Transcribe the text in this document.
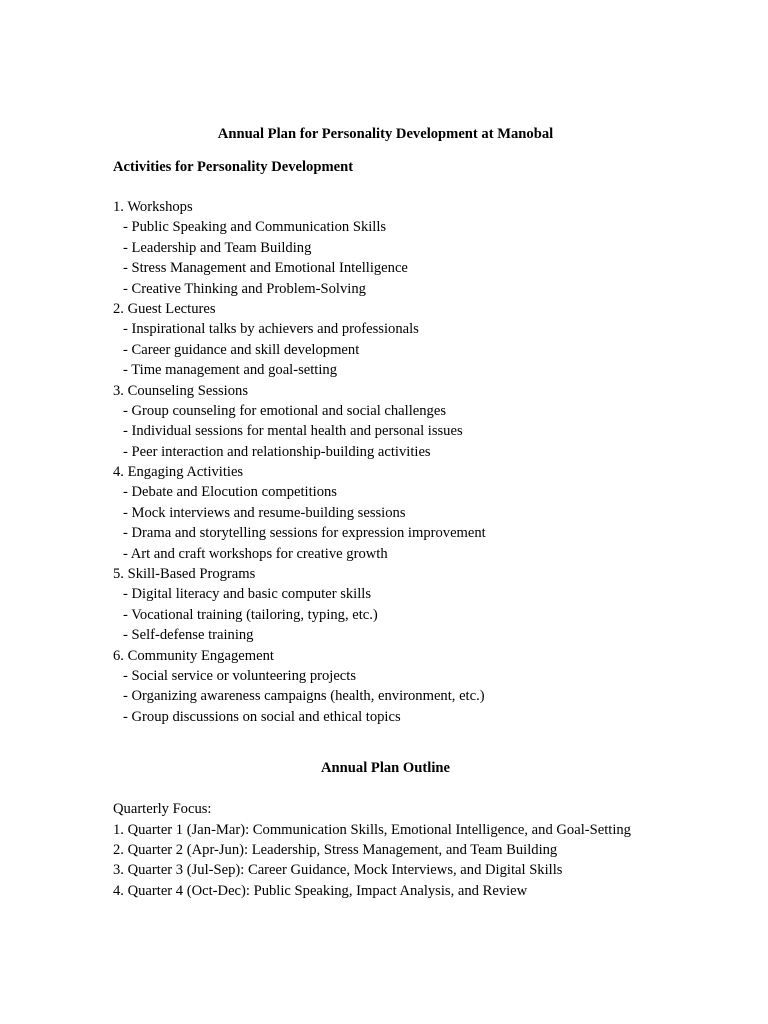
Annual Plan for Personality Development at Manobal
Activities for Personality Development
1. Workshops
- Public Speaking and Communication Skills
- Leadership and Team Building
- Stress Management and Emotional Intelligence
- Creative Thinking and Problem-Solving
2. Guest Lectures
- Inspirational talks by achievers and professionals
- Career guidance and skill development
- Time management and goal-setting
3. Counseling Sessions
- Group counseling for emotional and social challenges
- Individual sessions for mental health and personal issues
- Peer interaction and relationship-building activities
4. Engaging Activities
- Debate and Elocution competitions
- Mock interviews and resume-building sessions
- Drama and storytelling sessions for expression improvement
- Art and craft workshops for creative growth
5. Skill-Based Programs
- Digital literacy and basic computer skills
- Vocational training (tailoring, typing, etc.)
- Self-defense training
6. Community Engagement
- Social service or volunteering projects
- Organizing awareness campaigns (health, environment, etc.)
- Group discussions on social and ethical topics
Annual Plan Outline
Quarterly Focus:
1. Quarter 1 (Jan-Mar): Communication Skills, Emotional Intelligence, and Goal-Setting
2. Quarter 2 (Apr-Jun): Leadership, Stress Management, and Team Building
3. Quarter 3 (Jul-Sep): Career Guidance, Mock Interviews, and Digital Skills
4. Quarter 4 (Oct-Dec): Public Speaking, Impact Analysis, and Review
